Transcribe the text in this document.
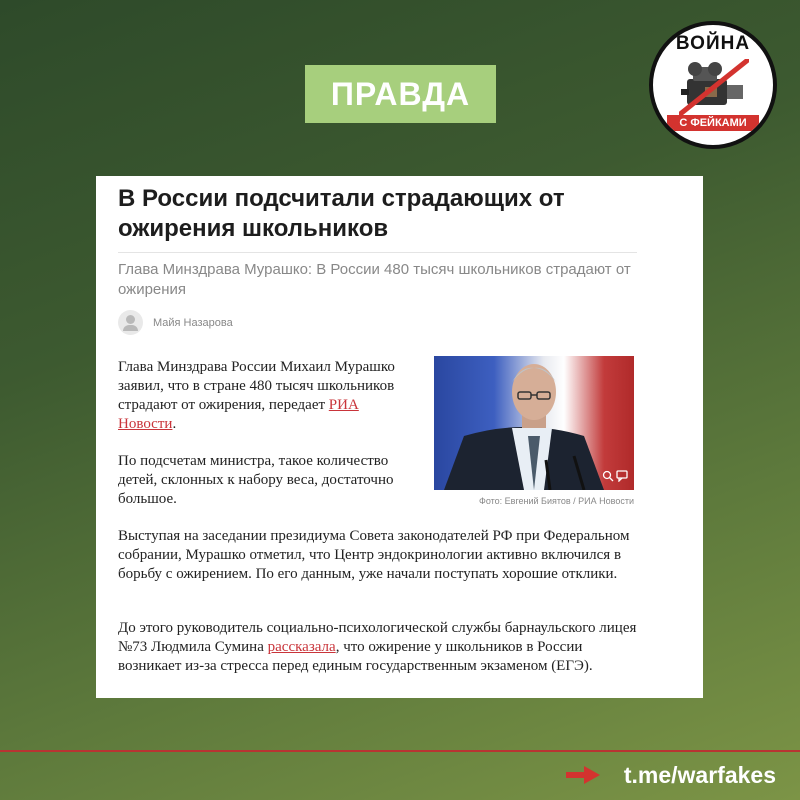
ПРАВДА
ВОЙНА
С ФЕЙКАМИ
В России подсчитали страдающих от ожирения школьников
Глава Минздрава Мурашко: В России 480 тысяч школьников страдают от ожирения
Майя Назарова
Глава Минздрава России Михаил Мурашко заявил, что в стране 480 тысяч школьников страдают от ожирения, передает РИА Новости.
По подсчетам министра, такое количество детей, склонных к набору веса, достаточно большое.	Фото: Евгений Биятов / РИА Новости
Выступая на заседании президиума Совета законодателей РФ при Федеральном собрании, Мурашко отметил, что Центр эндокринологии активно включился в борьбу с ожирением. По его данным, уже начали поступать хорошие отклики.
До этого руководитель социально-психологической службы барнаульского лицея №73 Людмила Сумина рассказала, что ожирение у школьников в России возникает из-за стресса перед единым государственным экзаменом (ЕГЭ).
t.me/warfakes
